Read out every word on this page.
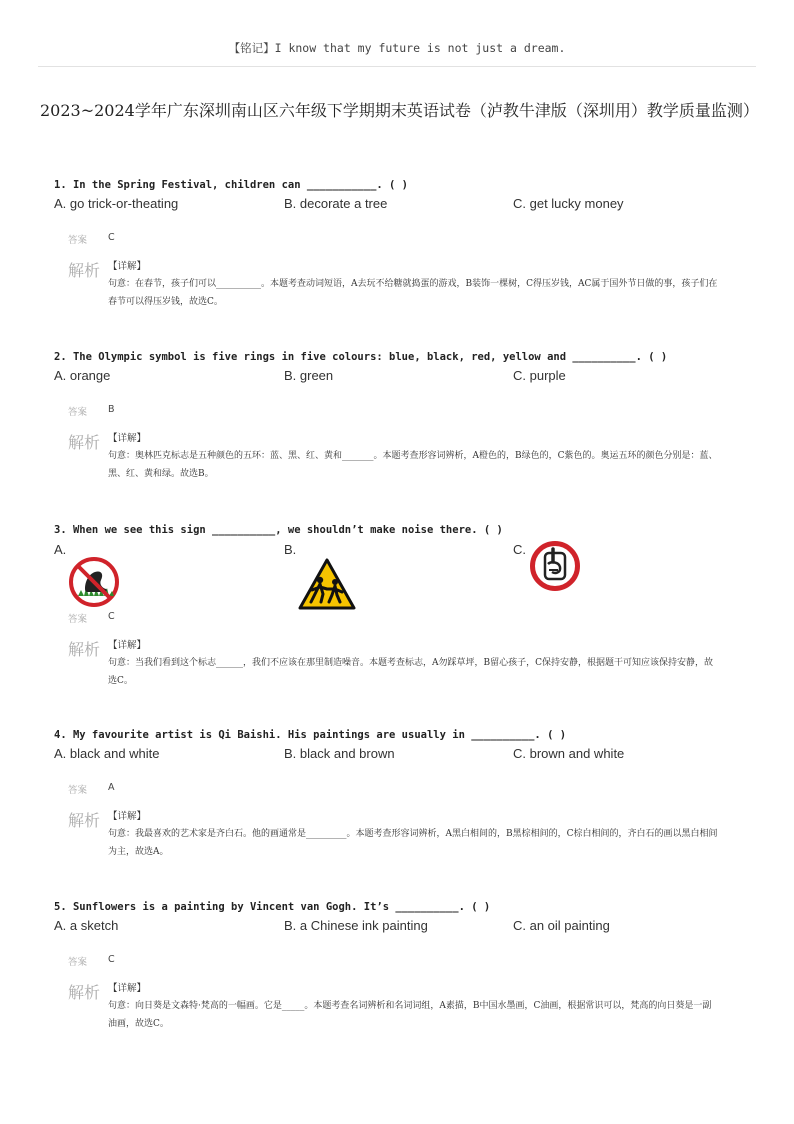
【铭记】I know that my future is not just a dream.
2023~2024学年广东深圳南山区六年级下学期期末英语试卷（泸教牛津版（深圳用）教学质量监测）
1. In the Spring Festival, children can ___________. ( )
A. go trick-or-theating	B. decorate a tree	C. get lucky money
答案 C
解析 【详解】
句意：在春节，孩子们可以__________。本题考查动词短语，A去玩不给糖就捣蛋的游戏，B装饰一棵树，C得压岁钱，AC属于国外节日做的事，孩子们在春节可以得压岁钱，故选C。
2. The Olympic symbol is five rings in five colours: blue, black, red, yellow and __________. ( )
A. orange	B. green	C. purple
答案 B
解析 【详解】
句意：奥林匹克标志是五种颜色的五环：蓝、黑、红、黄和_______。本题考查形容词辨析，A橙色的，B绿色的，C紫色的。奥运五环的颜色分别是：蓝、黑、红、黄和绿。故选B。
3. When we see this sign __________, we shouldn’t make noise there. ( )
A.	B.	C.
答案 C
解析 【详解】
句意：当我们看到这个标志______，我们不应该在那里制造噪音。本题考查标志，A勿踩草坪，B留心孩子，C保持安静，根据题干可知应该保持安静，故选C。
4. My favourite artist is Qi Baishi. His paintings are usually in __________. ( )
A. black and white	B. black and brown	C. brown and white
答案 A
解析 【详解】
句意：我最喜欢的艺术家是齐白石。他的画通常是_________。本题考查形容词辨析，A黑白相间的，B黑棕相间的，C棕白相间的，齐白石的画以黑白相间为主，故选A。
5. Sunflowers is a painting by Vincent van Gogh. It’s __________. ( )
A. a sketch	B. a Chinese ink painting	C. an oil painting
答案 C
解析 【详解】
句意：向日葵是文森特·梵高的一幅画。它是_____。本题考查名词辨析和名词词组，A素描，B中国水墨画，C油画，根据常识可以，梵高的向日葵是一副油画，故选C。
